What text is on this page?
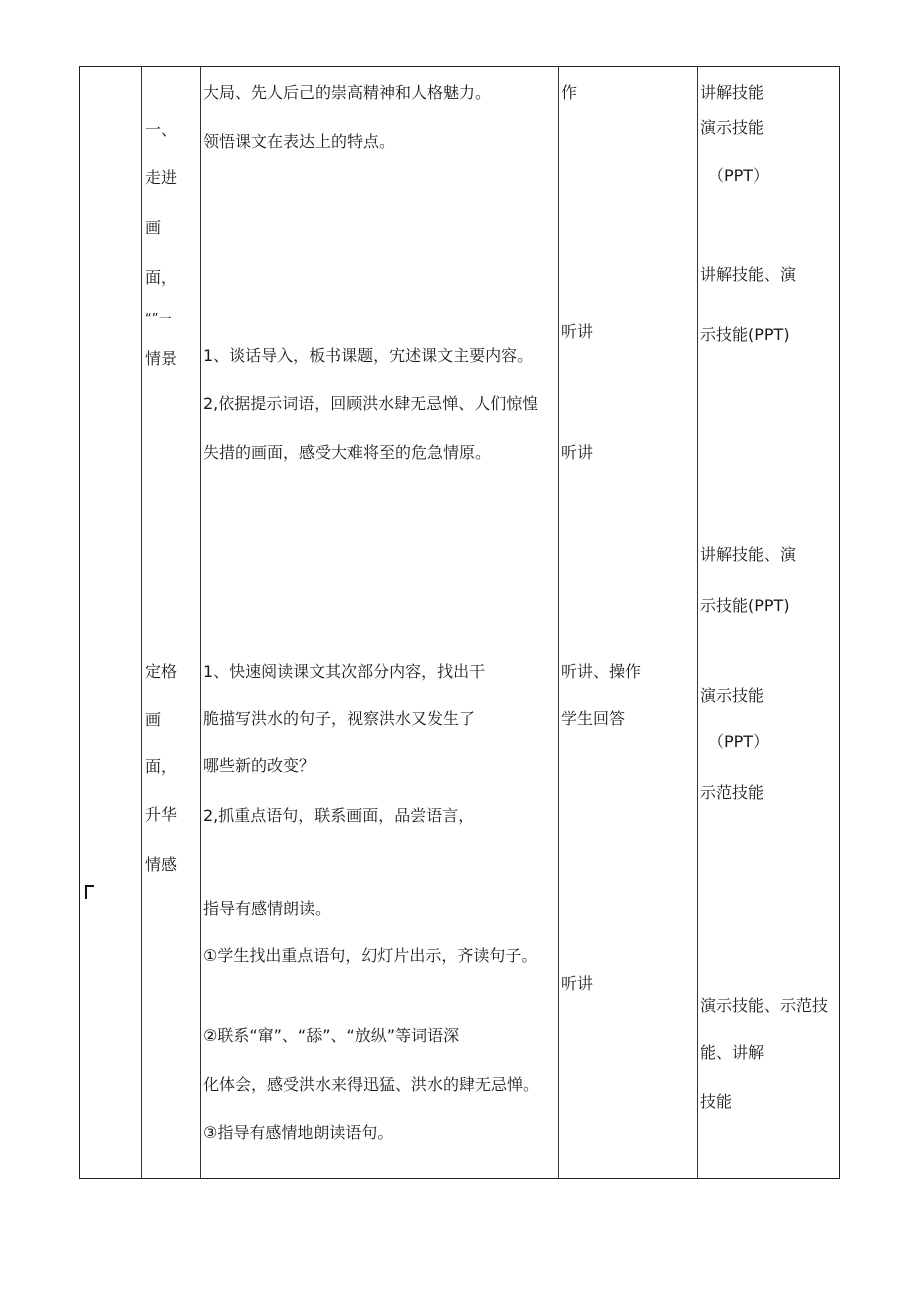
一、
走进
画
面，
“”一
情景
定格
画
面，
升华
情感
大局、先人后己的崇高精神和人格魅力。
领悟课文在表达上的特点。
1、谈话导入，板书课题，宄述课文主要内容。
2,依据提示词语，回顾洪水肆无忌惮、人们惊惶
失措的画面，感受大难将至的危急情原。
1、快速阅读课文其次部分内容，找出干
脆描写洪水的句子，视察洪水又发生了
哪些新的改变？
2,抓重点语句，联系画面，品尝语言，
指导有感情朗读。
①学生找出重点语句，幻灯片出示，齐读句子。
②联系“窜”、“舔”、“放纵”等词语深
化体会，感受洪水来得迅猛、洪水的肆无忌惮。
③指导有感情地朗读语句。
作
听讲
听讲
听讲、操作
学生回答
听讲
讲解技能
演示技能
（PPT）
讲解技能、演
示技能(PPT)
讲解技能、演
示技能(PPT)
演示技能
（PPT）
示范技能
演示技能、示范技
能、讲解
技能
